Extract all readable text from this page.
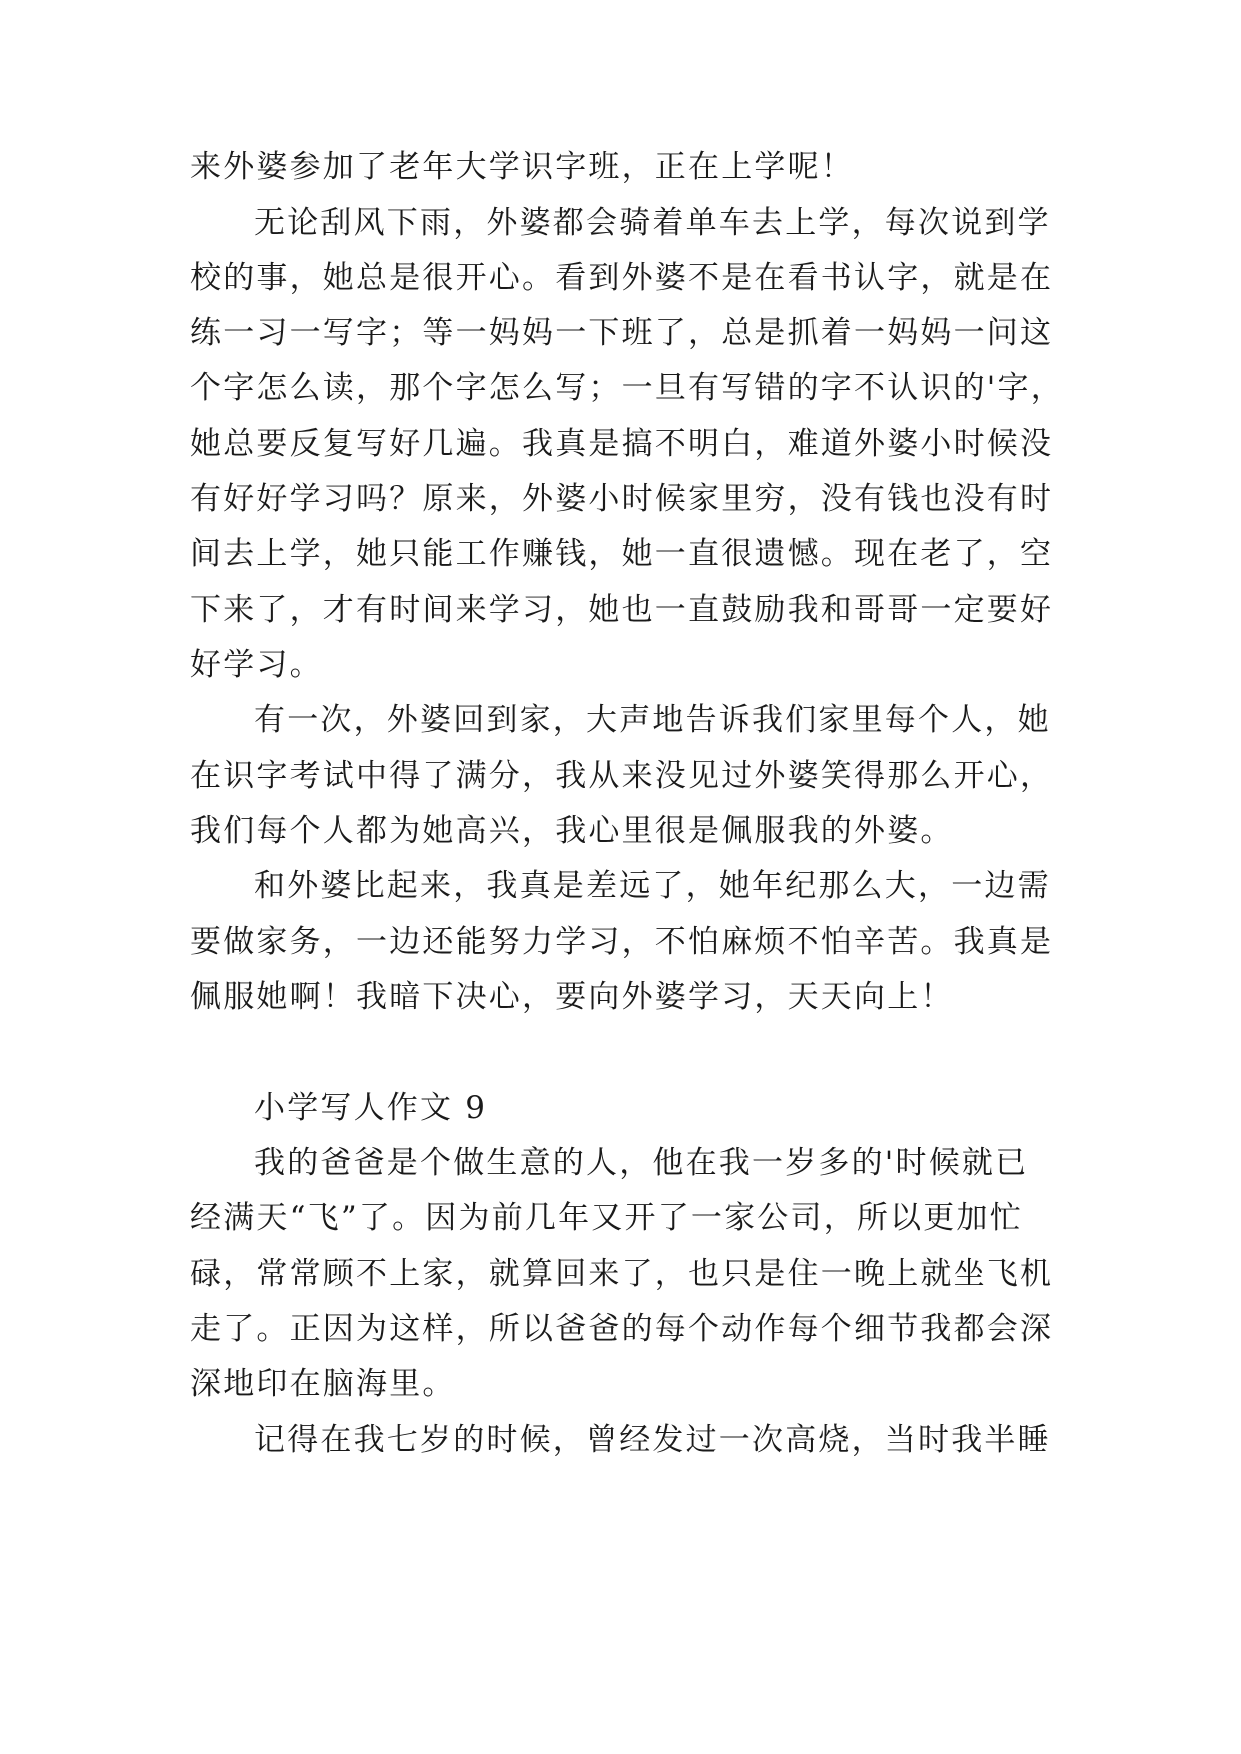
来外婆参加了老年大学识字班，正在上学呢！
无论刮风下雨，外婆都会骑着单车去上学，每次说到学
校的事，她总是很开心。看到外婆不是在看书认字，就是在
练一习一写字；等一妈妈一下班了，总是抓着一妈妈一问这
个字怎么读，那个字怎么写；一旦有写错的字不认识的'字，
她总要反复写好几遍。我真是搞不明白，难道外婆小时候没
有好好学习吗？原来，外婆小时候家里穷，没有钱也没有时
间去上学，她只能工作赚钱，她一直很遗憾。现在老了，空
下来了，才有时间来学习，她也一直鼓励我和哥哥一定要好
好学习。
有一次，外婆回到家，大声地告诉我们家里每个人，她
在识字考试中得了满分，我从来没见过外婆笑得那么开心，
我们每个人都为她高兴，我心里很是佩服我的外婆。
和外婆比起来，我真是差远了，她年纪那么大，一边需
要做家务，一边还能努力学习，不怕麻烦不怕辛苦。我真是
佩服她啊！我暗下决心，要向外婆学习，天天向上！
小学写人作文 9
我的爸爸是个做生意的人，他在我一岁多的'时候就已
经满天“飞”了。因为前几年又开了一家公司，所以更加忙
碌，常常顾不上家，就算回来了，也只是住一晚上就坐飞机
走了。正因为这样，所以爸爸的每个动作每个细节我都会深
深地印在脑海里。
记得在我七岁的时候，曾经发过一次高烧，当时我半睡
